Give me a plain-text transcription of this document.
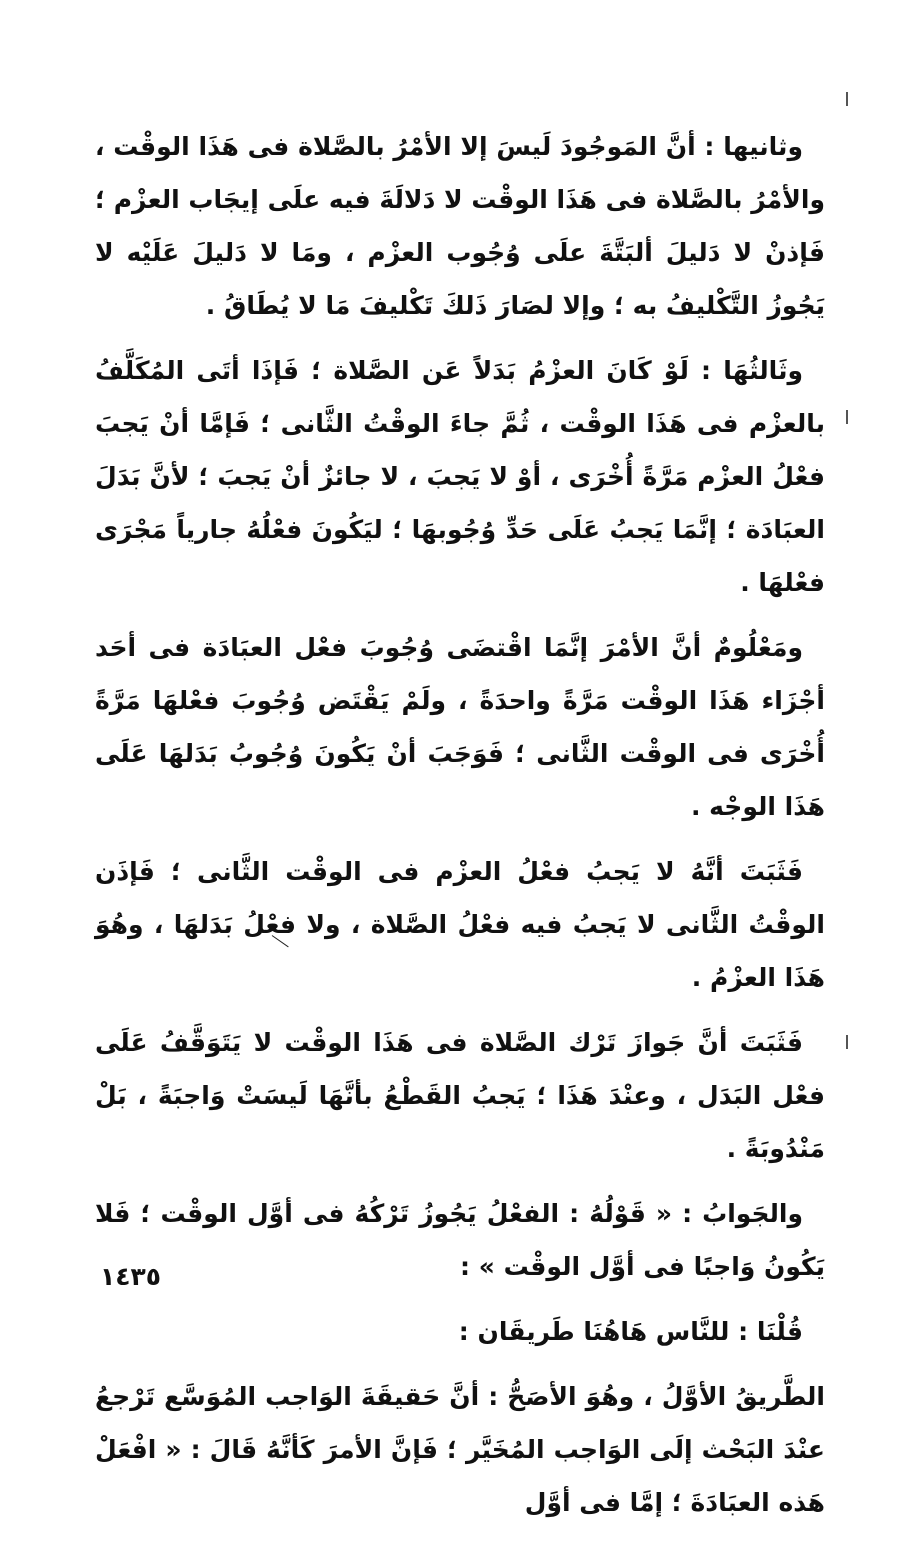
وثانيها : أنَّ المَوجُودَ لَيسَ إلا الأمْرُ بالصَّلاة فى هَذَا الوقْت ، والأمْرُ بالصَّلاة فى هَذَا الوقْت لا دَلالَةَ فيه علَى إيجَاب العزْم ؛ فَإذنْ لا دَليلَ ألبَتَّةَ علَى وُجُوب العزْم ، ومَا لا دَليلَ عَلَيْه لا يَجُوزُ التَّكْليفُ به ؛ وإلا لصَارَ ذَلكَ تَكْليفَ مَا لا يُطَاقُ .

وثَالثُهَا : لَوْ كَانَ العزْمُ بَدَلاً عَن الصَّلاة ؛ فَإذَا أتَى المُكَلَّفُ بالعزْم فى هَذَا الوقْت ، ثُمَّ جاءَ الوقْتُ الثَّانى ؛ فَإمَّا أنْ يَجبَ فعْلُ العزْم مَرَّةً أُخْرَى ، أوْ لا يَجبَ ، لا جائزٌ أنْ يَجبَ ؛ لأنَّ بَدَلَ العبَادَة ؛ إنَّمَا يَجبُ عَلَى حَدِّ وُجُوبهَا ؛ ليَكُونَ فعْلُهُ جارياً مَجْرَى فعْلهَا .

ومَعْلُومٌ أنَّ الأمْرَ إنَّمَا اقْتضَى وُجُوبَ فعْل العبَادَة فى أحَد أجْزَاء هَذَا الوقْت مَرَّةً واحدَةً ، ولَمْ يَقْتَض وُجُوبَ فعْلهَا مَرَّةً أُخْرَى فى الوقْت الثَّانى ؛ فَوَجَبَ أنْ يَكُونَ وُجُوبُ بَدَلهَا عَلَى هَذَا الوجْه .

فَثَبَتَ أنَّهُ لا يَجبُ فعْلُ العزْم فى الوقْت الثَّانى ؛ فَإذَن الوقْتُ الثَّانى لا يَجبُ فيه فعْلُ الصَّلاة ، ولا فعْلُ بَدَلهَا ، وهُوَ هَذَا العزْمُ .

فَثَبَتَ أنَّ جَوازَ تَرْك الصَّلاة فى هَذَا الوقْت لا يَتَوَقَّفُ عَلَى فعْل البَدَل ، وعنْدَ هَذَا ؛ يَجبُ القَطْعُ بأنَّهَا لَيسَتْ وَاجبَةً ، بَلْ مَنْدُوبَةً .

والجَوابُ : « قَوْلُهُ : الفعْلُ يَجُوزُ تَرْكُهُ فى أوَّل الوقْت ؛ فَلا يَكُونُ وَاجبًا فى أوَّل الوقْت » :

قُلْنَا : للنَّاس هَاهُنَا طَريقَان :

الطَّريقُ الأوَّلُ ، وهُوَ الأصَحُّ : أنَّ حَقيقَةَ الوَاجب المُوَسَّع تَرْجعُ عنْدَ البَحْث إلَى الوَاجب المُخَيَّر ؛ فَإنَّ الأمرَ كَأنَّهُ قَالَ : « افْعَلْ هَذه العبَادَةَ ؛ إمَّا فى أوَّل

١٤٣٥
